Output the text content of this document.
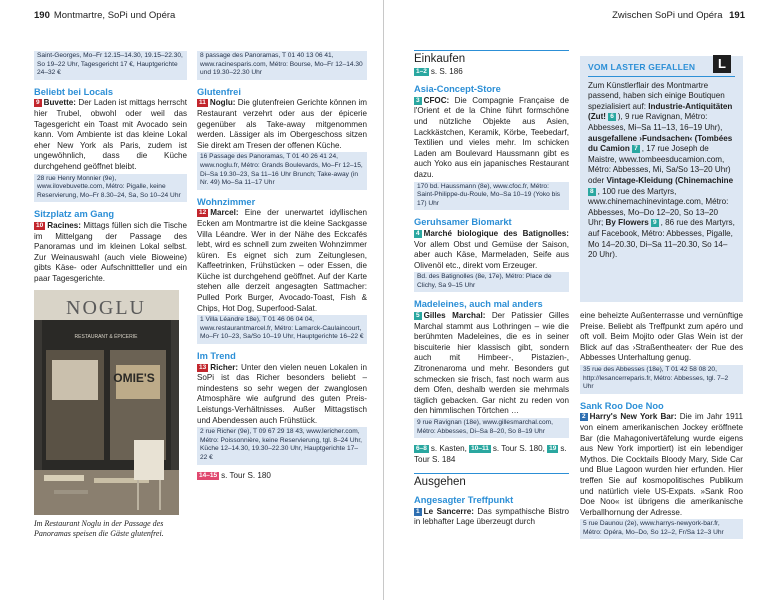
190 Montmartre, SoPi und Opéra	Zwischen SoPi und Opéra 191
Saint-Georges, Mo–Fr 12.15–14.30, 19.15–22.30, So 19–22 Uhr, Tagesgericht 17 €, Hauptgerichte 24–32 €
Beliebt bei Locals

9 Buvette: Der Laden ist mittags herrscht hier Trubel, obwohl oder weil das Tagesgericht ein Toast mit Avocado sein kann. Vom Ambiente ist das kleine Lokal eher New York als Paris, zudem ist ungewöhnlich, dass die Küche durchgehend geöffnet bleibt.

28 rue Henry Monnier (9e), www.ilovebuvette.com, Métro: Pigalle, keine Reservierung, Mo–Fr 8.30–24, Sa, So 10–24 Uhr
Sitzplatz am Gang

10 Racines: Mittags füllen sich die Tische im Mittelgang der Passage des Panoramas und im kleinen Lokal selbst. Zur Weinauswahl (auch viele Bioweine) gibts Käse- oder Aufschnittteller und ein paar Tagesgerichte.

NOGLU
RESTAURANT & ÉPICERIE
OMIE'S
Im Restaurant Noglu in der Passage des Panoramas speisen die Gäste glutenfrei.
8 passage des Panoramas, T 01 40 13 06 41, www.racinesparis.com, Métro: Bourse, Mo–Fr 12–14.30 und 19.30–22.30 Uhr
Glutenfrei

11 Noglu: Die glutenfreien Gerichte können im Restaurant verzehrt oder aus der épicerie gegenüber als Take-away mitgenommen werden. Lässiger als im Obergeschoss sitzen Sie direkt am Tresen der offenen Küche.

16 Passage des Panoramas, T 01 40 26 41 24, www.noglu.fr, Métro: Grands Boulevards, Mo–Fr 12–15, Di–Sa 19.30–23, Sa 11–16 Uhr Brunch; Take-away (in Nr. 49) Mo–Sa 11–17 Uhr
Wohnzimmer

12 Marcel: Eine der unerwartet idyllischen Ecken am Montmartre ist die kleine Sackgasse Villa Léandre. Wer in der Nähe des Eckcafés lebt, wird es schnell zum zweiten Wohnzimmer küren. Es eignet sich zum Zeitunglesen, Kaffeetrinken, Frühstücken – oder Essen, die Küche ist durchgehend geöffnet. Auf der Karte stehen alle derzeit angesagten Sattmacher: Pulled Pork Burger, Avocado-Toast, Fish & Chips, Hot Dog, Superfood-Salat.

1 Villa Léandre 18e), T 01 46 06 04 04, www.restaurantmarcel.fr, Métro: Lamarck-Caulaincourt, Mo–Fr 10–23, Sa/So 10–19 Uhr, Hauptgerichte 16–22 €
Im Trend

13 Richer: Unter den vielen neuen Lokalen in SoPi ist das Richer besonders beliebt – mindestens so sehr wegen der zwanglosen Atmosphäre wie aufgrund des guten Preis-Leistungs-Verhältnisses. Außer Mittagstisch und Abendessen auch Frühstück.

2 rue Richer (9e), T 09 67 29 18 43, www.lericher.com, Métro: Poissonnière, keine Reservierung, tgl. 8–24 Uhr, Küche 12–14.30, 19.30–22.30 Uhr, Hauptgerichte 17–22 €

14–15 s. Tour S. 180

Einkaufen

1–2 s. S. 186

Asia-Concept-Store

3 CFOC: Die Compagnie Française de l'Orient et de la Chine führt formschöne und nützliche Objekte aus Asien, Lackkästchen, Keramik, Körbe, Teebedarf, Textilien und vieles mehr. Im schicken Laden am Boulevard Haussmann gibt es auch Yoko aus ein japanisches Restaurant dazu.

170 bd. Haussmann (8e), www.cfoc.fr, Métro: Saint-Philippe-du-Roule, Mo–Sa 10–19 (Yoko bis 17) Uhr
Geruhsamer Biomarkt

4 Marché biologique des Batignolles: Vor allem Obst und Gemüse der Saison, aber auch Käse, Marmeladen, Seife aus Olivenöl etc., direkt vom Erzeuger.

Bd. des Batignolles (8e, 17e), Métro: Place de Clichy, Sa 9–15 Uhr
Madeleines, auch mal anders

5 Gilles Marchal: Der Patissier Gilles Marchal stammt aus Lothringen – wie die berühmten Madeleines, die es in seiner biscuiterie hier klassisch gibt, sondern auch mit Himbeer-, Pistazien-, Zitronenaroma und mehr. Besonders gut schmecken sie frisch, fast noch warm aus dem Ofen, deshalb werden sie mehrmals täglich gebacken. Gar nicht zu reden von den himmlischen Törtchen …

9 rue Ravignan (18e), www.gillesmarchal.com, Métro: Abbesses, Di–Sa 8–20, So 8–19 Uhr

6–8 s. Kasten, 10–11 s. Tour S. 180, 19 s. Tour S. 184

Ausgehen
Angesagter Treffpunkt

1 Le Sancerre: Das sympathische Bistro in lebhafter Lage überzeugt durch

VOM LASTER GEFALLEN

Zum Künstlerflair des Montmartre passend, haben sich einige Boutiquen spezialisiert auf: Industrie-Antiquitäten (Zut! 6 ), 9 rue Ravignan, Métro: Abbesses, Mi–Sa 11–13, 16–19 Uhr), ausgefallene ›Fundsachen‹ (Tombées du Camion 7 , 17 rue Joseph de Maistre, www.tombeesducamion.com, Métro: Abbesses, Mi, Sa/So 13–20 Uhr) oder Vintage-Kleidung (Chinemachine 8 , 100 rue des Martyrs, www.chinemachinevintage.com, Métro: Abbesses, Mo–Do 12–20, So 13–20 Uhr; By Flowers 9 , 86 rue des Martyrs, auf Facebook, Métro: Abbesses, Pigalle, Mo 14–20.30, Di–Sa 11–20.30, So 14–20 Uhr).

L

eine beheizte Außenterrasse und vernünftige Preise. Beliebt als Treffpunkt zum apéro und oft voll. Beim Mojito oder Glas Wein ist der Blick auf das ›Straßentheater‹ der Rue des Abbesses Unterhaltung genug.

35 rue des Abbesses (18e), T 01 42 58 08 20, http://lesancerreparis.fr, Métro: Abbesses, tgl. 7–2 Uhr
Sank Roo Doe Noo

2 Harry's New York Bar: Die im Jahr 1911 von einem amerikanischen Jockey eröffnete Bar (die Mahagonivertäfelung wurde eigens aus New York importiert) ist ein lebendiger Mythos. Die Cocktails Bloody Mary, Side Car und Blue Lagoon wurden hier erfunden. Hier treffen Sie auf kosmopolitisches Publikum und natürlich viele US-Expats. »Sank Roo Doe Noo« ist übrigens die amerikanische Verballhornung der Adresse.

5 rue Daunou (2e), www.harrys-newyork-bar.fr, Métro: Opéra, Mo–Do, So 12–2, Fr/Sa 12–3 Uhr
